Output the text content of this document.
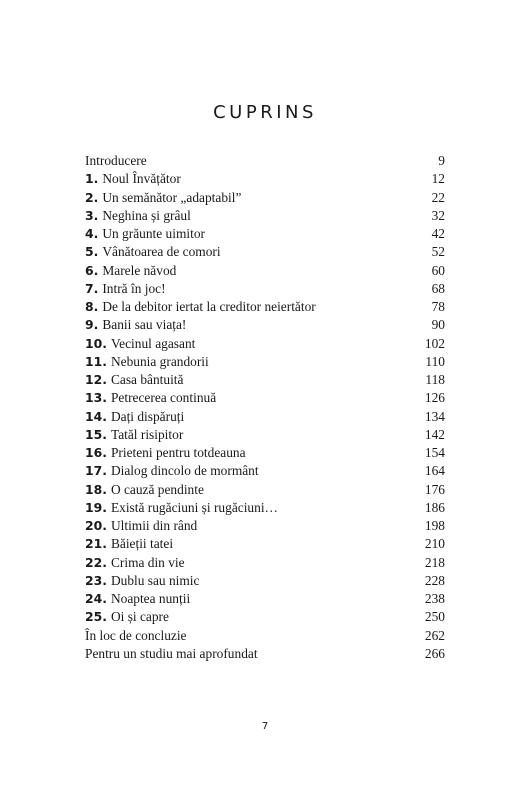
CUPRINS
Introducere	9
1. Noul Învățător	12
2. Un semănător „adaptabil”	22
3. Neghina și grâul	32
4. Un grăunte uimitor	42
5. Vânătoarea de comori	52
6. Marele năvod	60
7. Intră în joc!	68
8. De la debitor iertat la creditor neiertător	78
9. Banii sau viața!	90
10. Vecinul agasant	102
11. Nebunia grandorii	110
12. Casa bântuită	118
13. Petrecerea continuă	126
14. Dați dispăruți	134
15. Tatăl risipitor	142
16. Prieteni pentru totdeauna	154
17. Dialog dincolo de mormânt	164
18. O cauză pendinte	176
19. Există rugăciuni și rugăciuni…	186
20. Ultimii din rând	198
21. Băieții tatei	210
22. Crima din vie	218
23. Dublu sau nimic	228
24. Noaptea nunții	238
25. Oi și capre	250
În loc de concluzie	262
Pentru un studiu mai aprofundat	266
7
